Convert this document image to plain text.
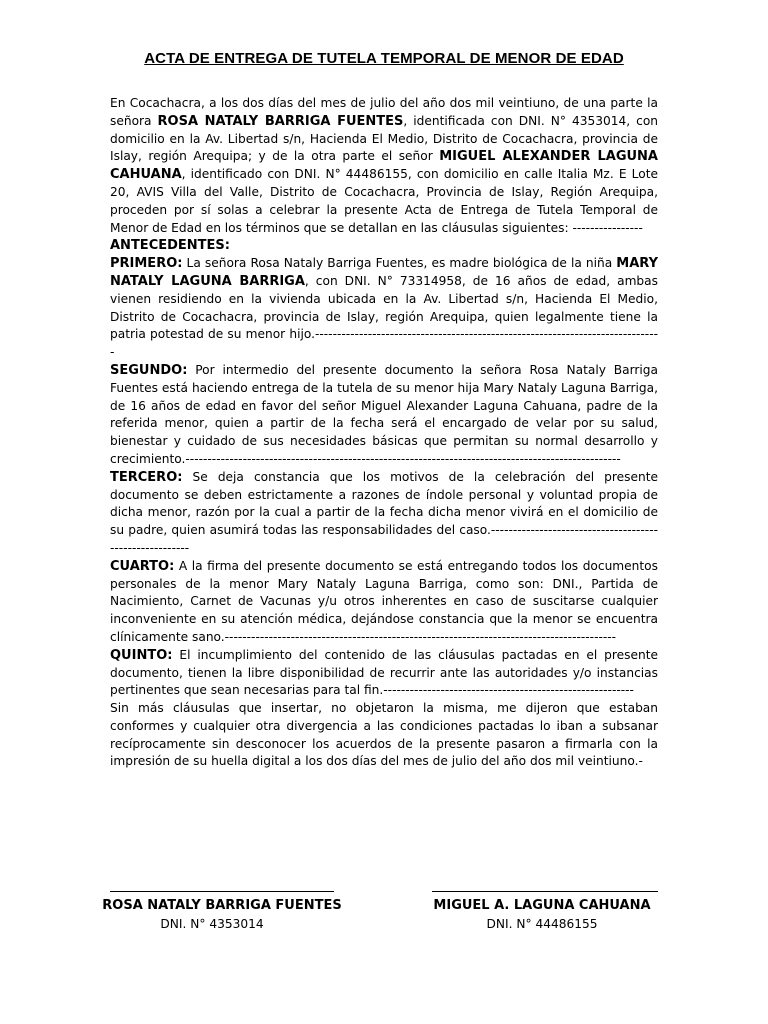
ACTA DE ENTREGA DE TUTELA TEMPORAL DE MENOR DE EDAD

En Cocachacra, a los dos días del mes de julio del año dos mil veintiuno, de una parte la señora ROSA NATALY BARRIGA FUENTES, identificada con DNI. N° 4353014, con domicilio en la Av. Libertad s/n, Hacienda El Medio, Distrito de Cocachacra, provincia de Islay, región Arequipa; y de la otra parte el señor MIGUEL ALEXANDER LAGUNA CAHUANA, identificado con DNI. N° 44486155, con domicilio en calle Italia Mz. E Lote 20, AVIS Villa del Valle, Distrito de Cocachacra, Provincia de Islay, Región Arequipa, proceden por sí solas a celebrar la presente Acta de Entrega de Tutela Temporal de Menor de Edad en los términos que se detallan en las cláusulas siguientes: ----------------

ANTECEDENTES:

PRIMERO: La señora Rosa Nataly Barriga Fuentes, es madre biológica de la niña MARY NATALY LAGUNA BARRIGA, con DNI. N° 73314958, de 16 años de edad, ambas vienen residiendo en la vivienda ubicada en la Av. Libertad s/n, Hacienda El Medio, Distrito de Cocachacra, provincia de Islay, región Arequipa, quien legalmente tiene la patria potestad de su menor hijo.-------------------------------------------------------------------------------

SEGUNDO: Por intermedio del presente documento la señora Rosa Nataly Barriga Fuentes está haciendo entrega de la tutela de su menor hija Mary Nataly Laguna Barriga, de 16 años de edad en favor del señor Miguel Alexander Laguna Cahuana, padre de la referida menor, quien a partir de la fecha será el encargado de velar por su salud, bienestar y cuidado de sus necesidades básicas que permitan su normal desarrollo y crecimiento.---------------------------------------------------------------------------------------------------

TERCERO: Se deja constancia que los motivos de la celebración del presente documento se deben estrictamente a razones de índole personal y voluntad propia de dicha menor, razón por la cual a partir de la fecha dicha menor vivirá en el domicilio de su padre, quien asumirá todas las responsabilidades del caso.--------------------------------------------------------

CUARTO: A la firma del presente documento se está entregando todos los documentos personales de la menor Mary Nataly Laguna Barriga, como son: DNI., Partida de Nacimiento, Carnet de Vacunas y/u otros inherentes en caso de suscitarse cualquier inconveniente en su atención médica, dejándose constancia que la menor se encuentra clínicamente sano.-----------------------------------------------------------------------------------------

QUINTO: El incumplimiento del contenido de las cláusulas pactadas en el presente documento, tienen la libre disponibilidad de recurrir ante las autoridades y/o instancias pertinentes que sean necesarias para tal fin.---------------------------------------------------------

Sin más cláusulas que insertar, no objetaron la misma, me dijeron que estaban conformes y cualquier otra divergencia a las condiciones pactadas lo iban a subsanar recíprocamente sin desconocer los acuerdos de la presente pasaron a firmarla con la impresión de su huella digital a los dos días del mes de julio del año dos mil veintiuno.-

ROSA NATALY BARRIGA FUENTES
DNI. N° 4353014
MIGUEL A. LAGUNA CAHUANA
DNI. N° 44486155
